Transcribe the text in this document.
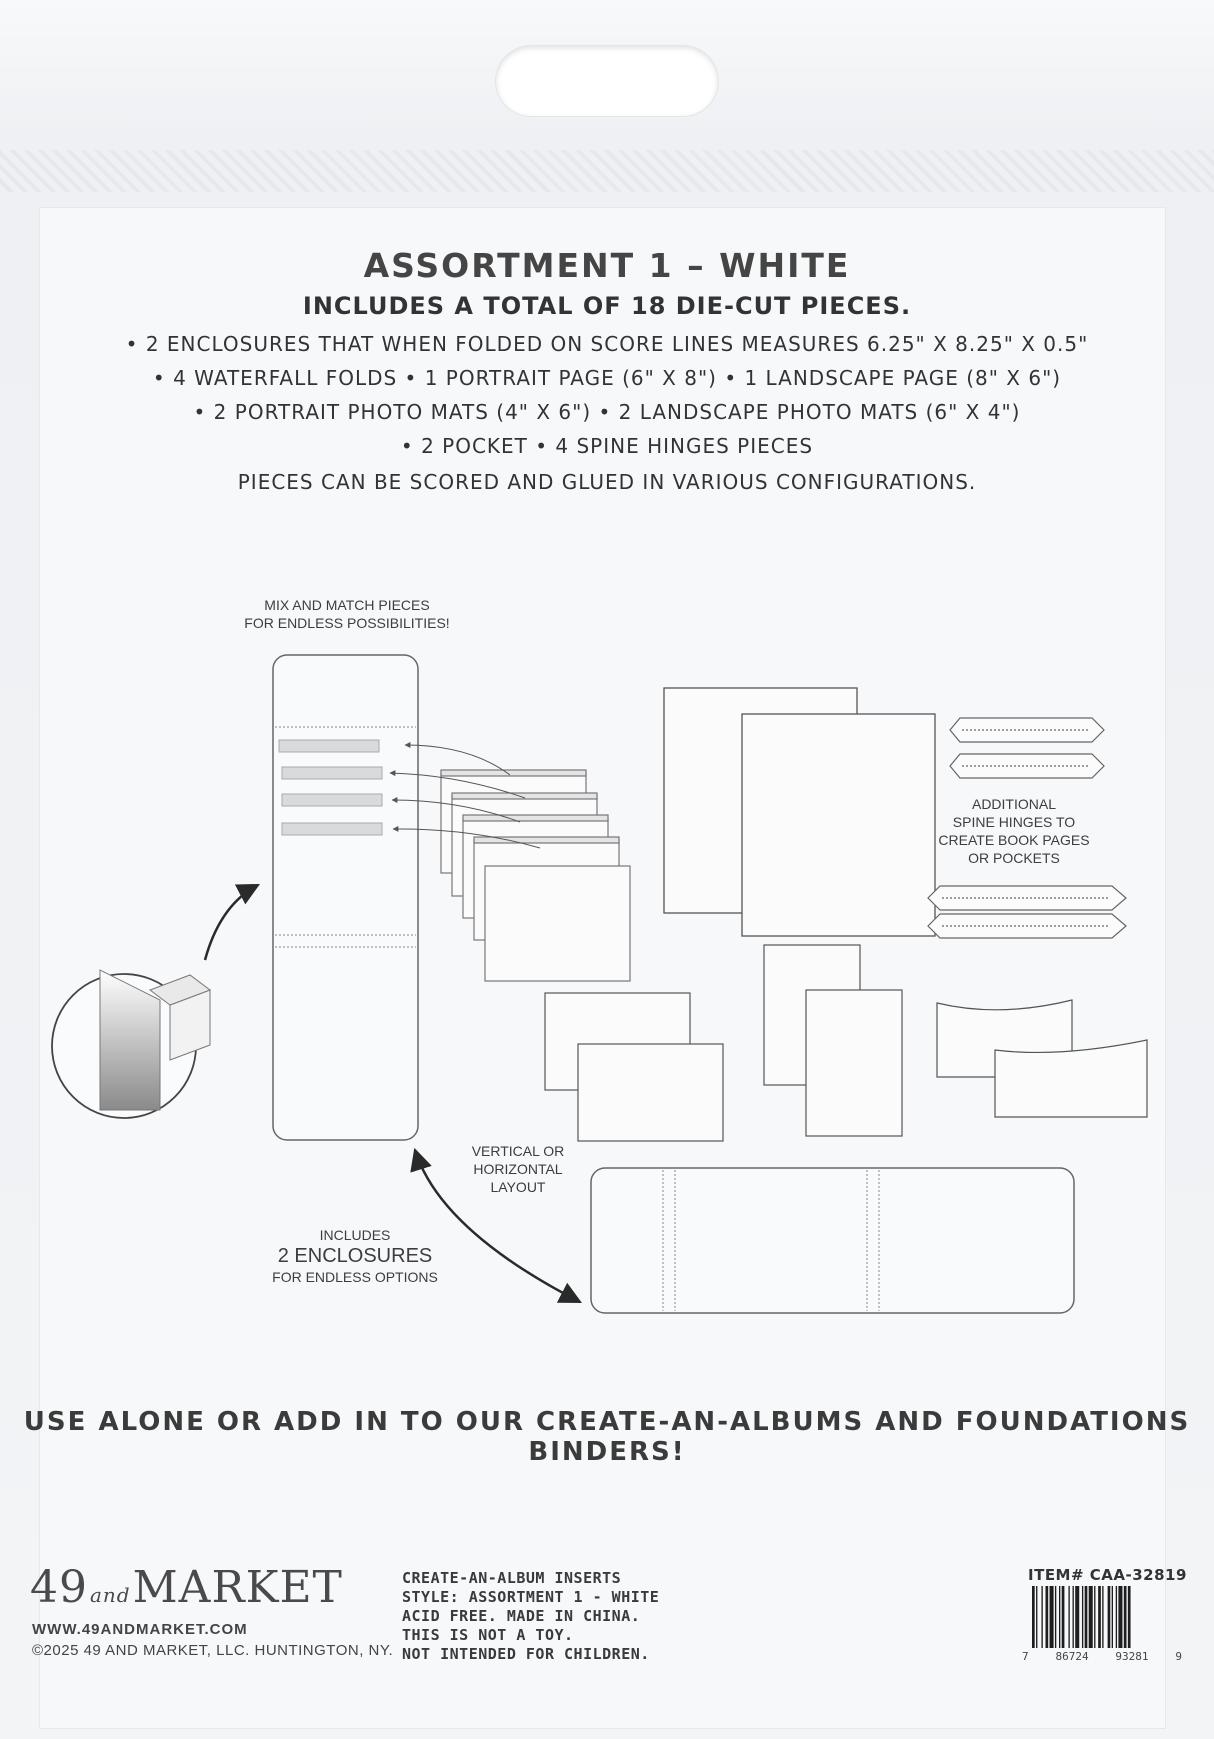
ASSORTMENT 1 – WHITE
INCLUDES A TOTAL OF 18 DIE-CUT PIECES.
• 2 ENCLOSURES THAT WHEN FOLDED ON SCORE LINES MEASURES 6.25" X 8.25" X 0.5"
• 4 WATERFALL FOLDS • 1 PORTRAIT PAGE (6" X 8") • 1 LANDSCAPE PAGE (8" X 6")
• 2 PORTRAIT PHOTO MATS (4" X 6") • 2 LANDSCAPE PHOTO MATS (6" X 4")
• 2 POCKET • 4 SPINE HINGES PIECES
PIECES CAN BE SCORED AND GLUED IN VARIOUS CONFIGURATIONS.
MIX AND MATCH PIECES
FOR ENDLESS POSSIBILITIES!
ADDITIONAL
SPINE HINGES TO
CREATE BOOK PAGES
OR POCKETS
VERTICAL OR
HORIZONTAL
LAYOUT
INCLUDES
2 ENCLOSURES
FOR ENDLESS OPTIONS
USE ALONE OR ADD IN TO OUR CREATE-AN-ALBUMS AND FOUNDATIONS BINDERS!
49 andMARKET
WWW.49ANDMARKET.COM
©2025 49 AND MARKET, LLC. HUNTINGTON, NY.
CREATE-AN-ALBUM INSERTS
STYLE: ASSORTMENT 1 - WHITE
ACID FREE. MADE IN CHINA.
THIS IS NOT A TOY.
NOT INTENDED FOR CHILDREN.
ITEM# CAA-32819
7 86724 93281 9
